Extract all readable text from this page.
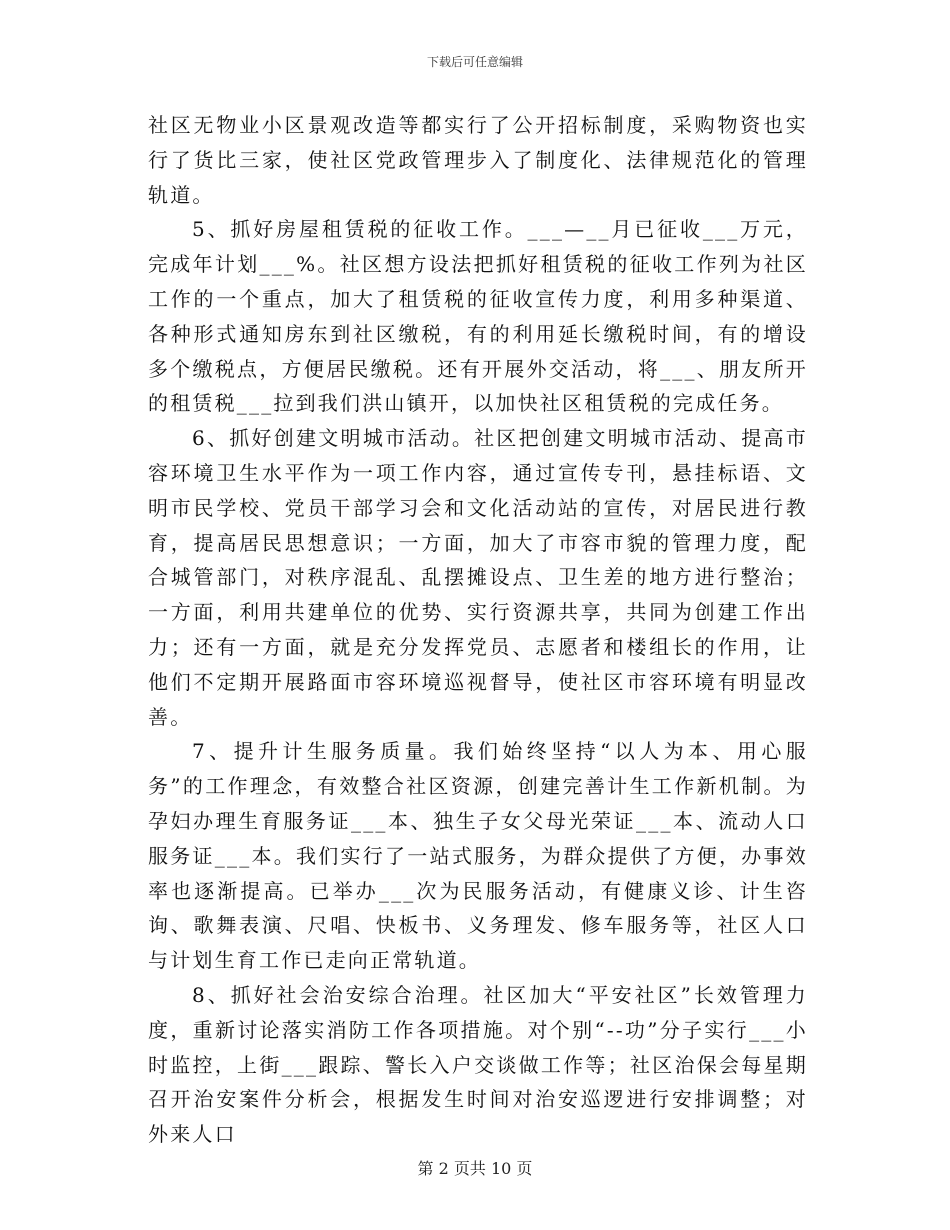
下载后可任意编辑

社区无物业小区景观改造等都实行了公开招标制度，采购物资也实行了货比三家，使社区党政管理步入了制度化、法律规范化的管理轨道。

5、抓好房屋租赁税的征收工作。___—__月已征收___万元，完成年计划___%。社区想方设法把抓好租赁税的征收工作列为社区工作的一个重点，加大了租赁税的征收宣传力度，利用多种渠道、各种形式通知房东到社区缴税，有的利用延长缴税时间，有的增设多个缴税点，方便居民缴税。还有开展外交活动，将___、朋友所开的租赁税___拉到我们洪山镇开，以加快社区租赁税的完成任务。

6、抓好创建文明城市活动。社区把创建文明城市活动、提高市容环境卫生水平作为一项工作内容，通过宣传专刊，悬挂标语、文明市民学校、党员干部学习会和文化活动站的宣传，对居民进行教育，提高居民思想意识；一方面，加大了市容市貌的管理力度，配合城管部门，对秩序混乱、乱摆摊设点、卫生差的地方进行整治；一方面，利用共建单位的优势、实行资源共享，共同为创建工作出力；还有一方面，就是充分发挥党员、志愿者和楼组长的作用，让他们不定期开展路面市容环境巡视督导，使社区市容环境有明显改善。

7、提升计生服务质量。我们始终坚持“以人为本、用心服务”的工作理念，有效整合社区资源，创建完善计生工作新机制。为孕妇办理生育服务证___本、独生子女父母光荣证___本、流动人口服务证___本。我们实行了一站式服务，为群众提供了方便，办事效率也逐渐提高。已举办___次为民服务活动，有健康义诊、计生咨询、歌舞表演、尺唱、快板书、义务理发、修车服务等，社区人口与计划生育工作已走向正常轨道。

8、抓好社会治安综合治理。社区加大“平安社区”长效管理力度，重新讨论落实消防工作各项措施。对个别“--功”分子实行___小时监控，上街___跟踪、警长入户交谈做工作等；社区治保会每星期召开治安案件分析会，根据发生时间对治安巡逻进行安排调整；对外来人口

第 2 页共 10 页
